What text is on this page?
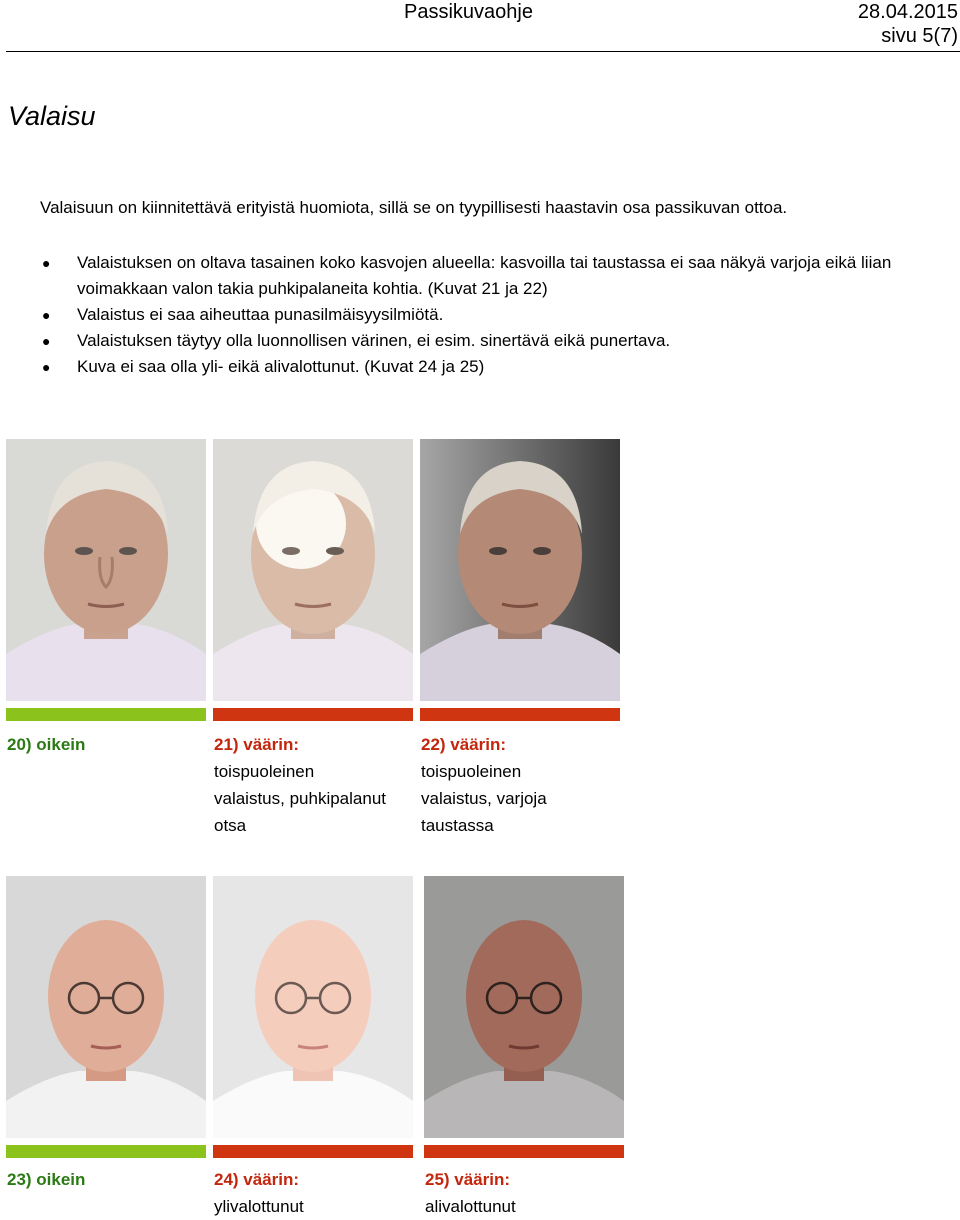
Passikuvaohje	28.04.2015
sivu 5(7)
Valaisu
Valaisuun on kiinnitettävä erityistä huomiota, sillä se on tyypillisesti haastavin osa passikuvan ottoa.
● Valaistuksen on oltava tasainen koko kasvojen alueella: kasvoilla tai taustassa ei saa näkyä varjoja eikä liian voimakkaan valon takia puhkipalaneita kohtia. (Kuvat 21 ja 22)
● Valaistus ei saa aiheuttaa punasilmäisyysilmiötä.
● Valaistuksen täytyy olla luonnollisen värinen, ei esim. sinertävä eikä punertava.
● Kuva ei saa olla yli- eikä alivalottunut. (Kuvat 24 ja 25)
20) oikein	21) väärin:
toispuoleinen
valaistus, puhkipalanut
otsa
22) väärin:
toispuoleinen
valaistus, varjoja
taustassa
23) oikein	24) väärin:
ylivalottunut
25) väärin:
alivalottunut
